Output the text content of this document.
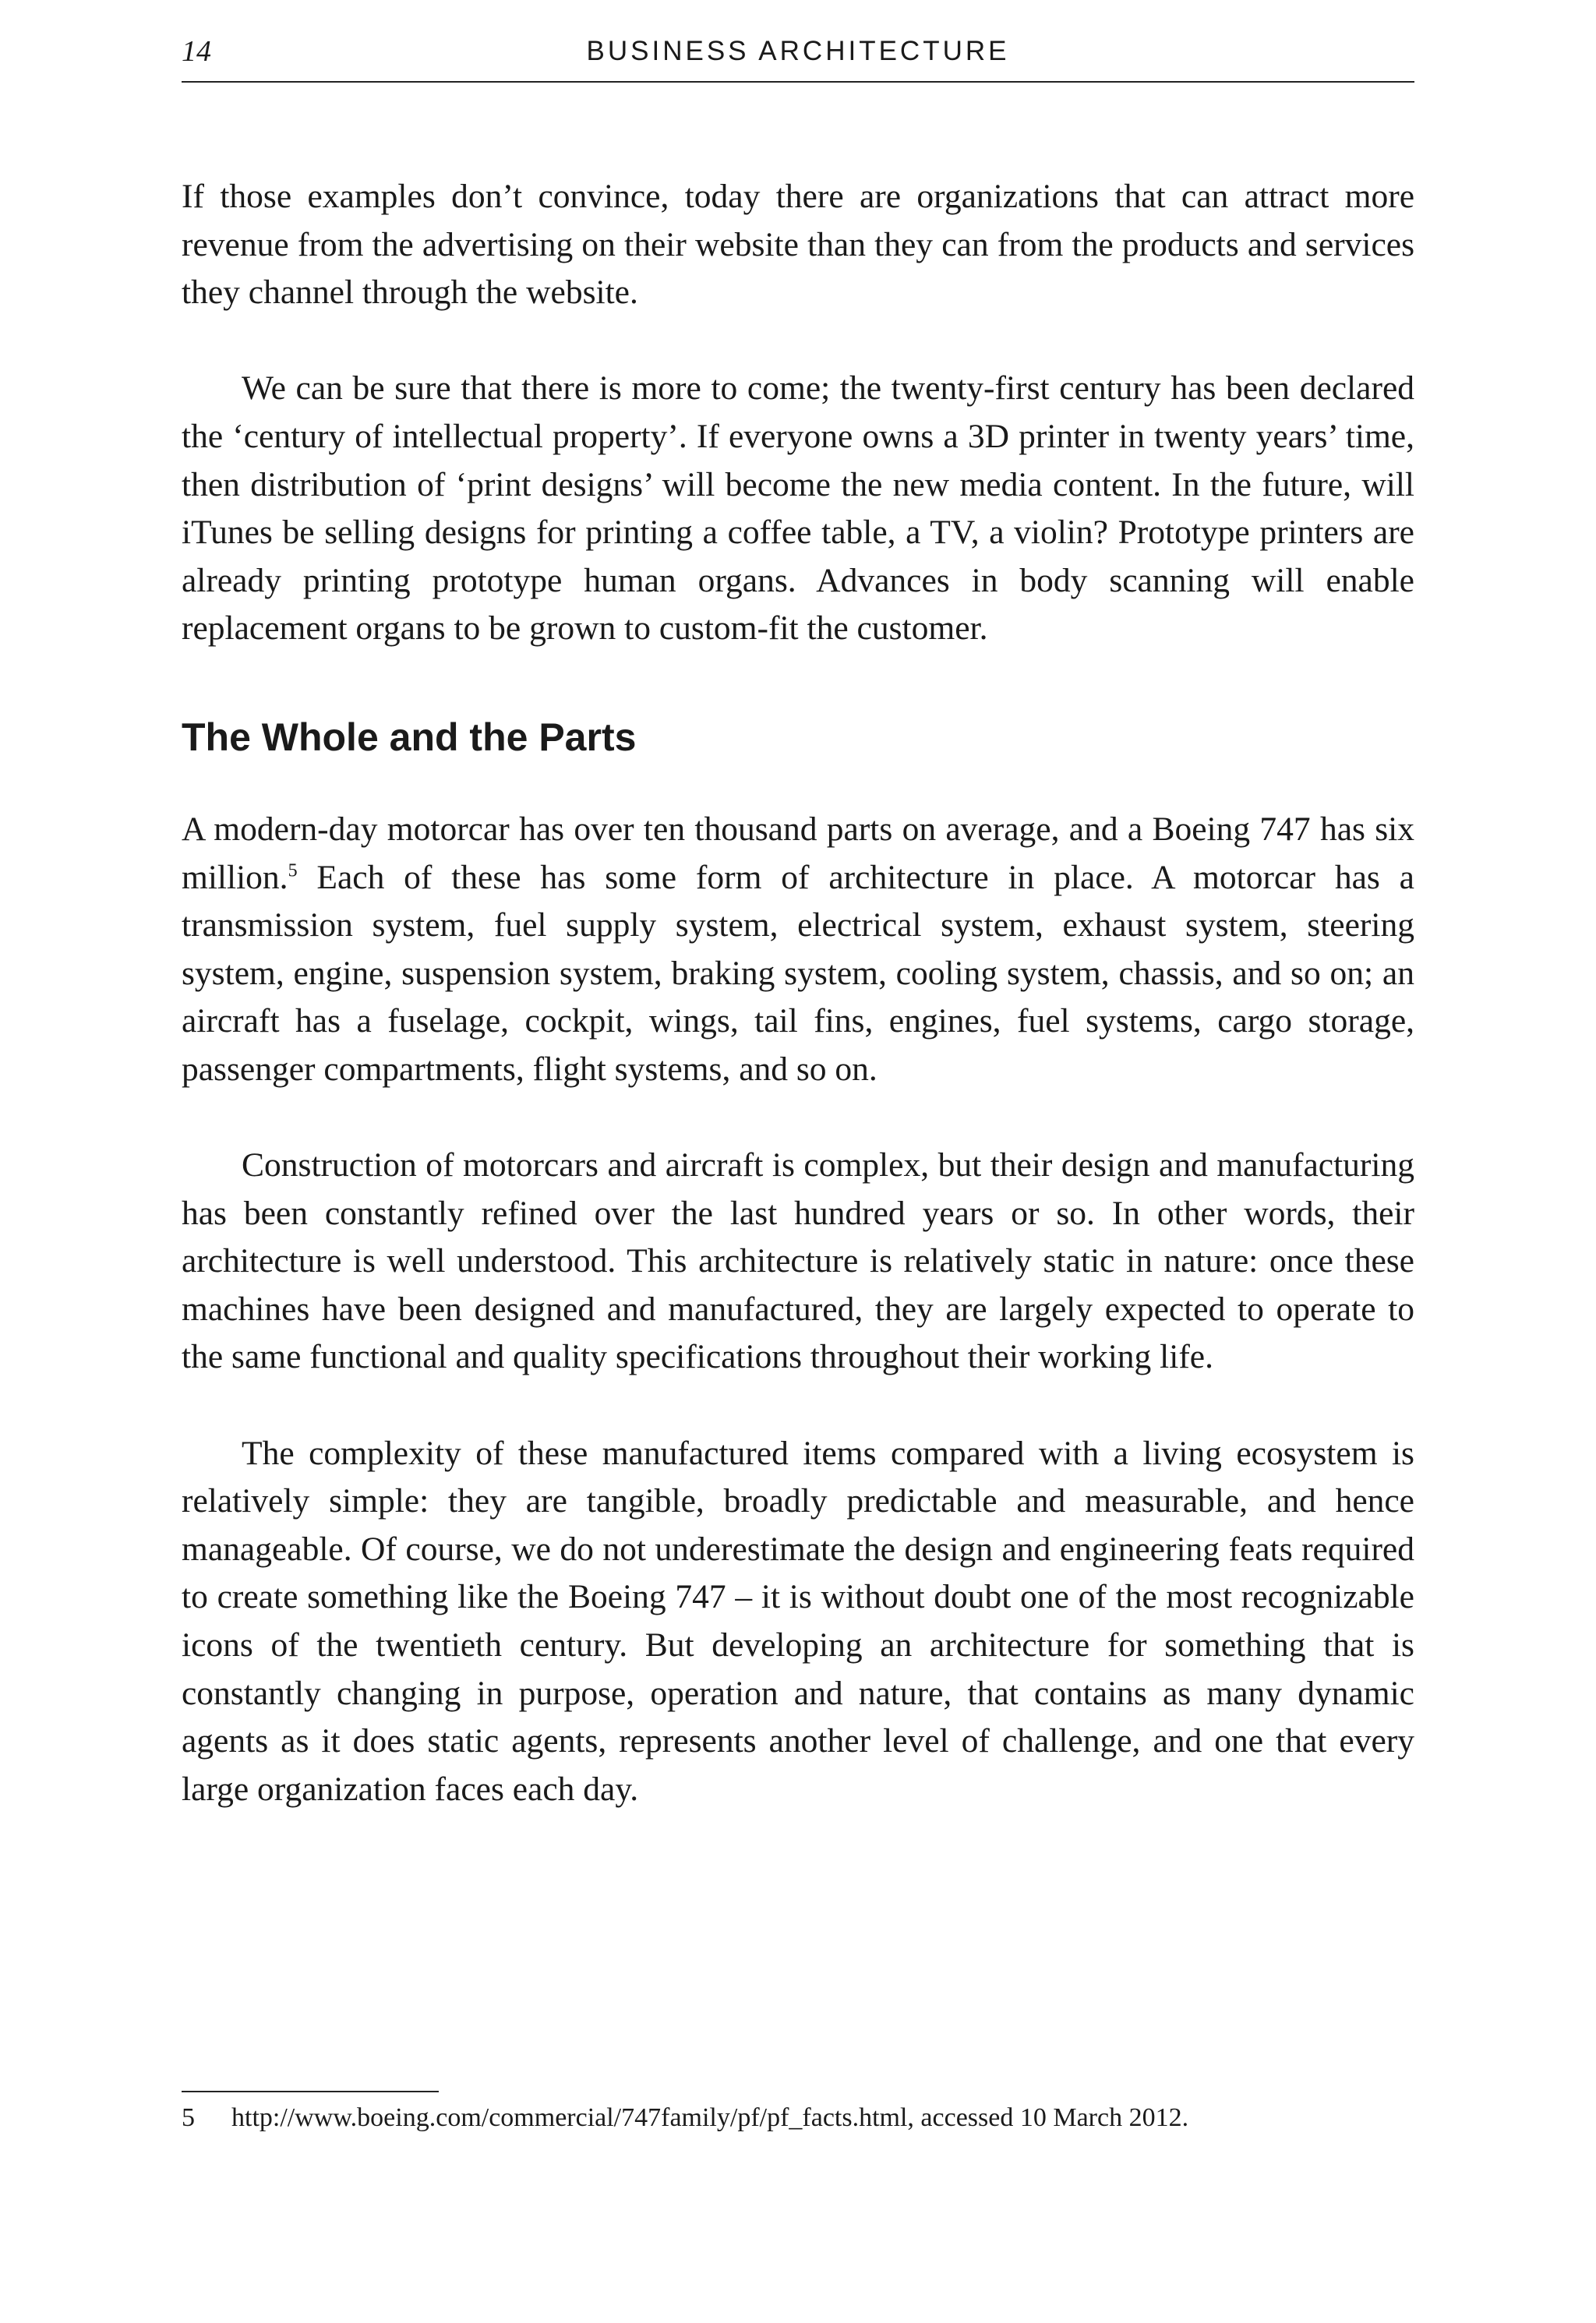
14	BUSINESS ARCHITECTURE

If those examples don’t convince, today there are organizations that can attract more revenue from the advertising on their website than they can from the products and services they channel through the website.

We can be sure that there is more to come; the twenty-first century has been declared the ‘century of intellectual property’. If everyone owns a 3D printer in twenty years’ time, then distribution of ‘print designs’ will become the new media content. In the future, will iTunes be selling designs for printing a coffee table, a TV, a violin? Prototype printers are already printing prototype human organs. Advances in body scanning will enable replacement organs to be grown to custom-fit the customer.

The Whole and the Parts

A modern-day motorcar has over ten thousand parts on average, and a Boeing 747 has six million.$^5$ Each of these has some form of architecture in place. A motorcar has a transmission system, fuel supply system, electrical system, exhaust system, steering system, engine, suspension system, braking system, cooling system, chassis, and so on; an aircraft has a fuselage, cockpit, wings, tail fins, engines, fuel systems, cargo storage, passenger compartments, flight systems, and so on.

Construction of motorcars and aircraft is complex, but their design and manufacturing has been constantly refined over the last hundred years or so. In other words, their architecture is well understood. This architecture is relatively static in nature: once these machines have been designed and manufactured, they are largely expected to operate to the same functional and quality specifications throughout their working life.

The complexity of these manufactured items compared with a living ecosystem is relatively simple: they are tangible, broadly predictable and measurable, and hence manageable. Of course, we do not underestimate the design and engineering feats required to create something like the Boeing 747 – it is without doubt one of the most recognizable icons of the twentieth century. But developing an architecture for something that is constantly changing in purpose, operation and nature, that contains as many dynamic agents as it does static agents, represents another level of challenge, and one that every large organization faces each day.

5 http://www.boeing.com/commercial/747family/pf/pf_facts.html, accessed 10 March 2012.
